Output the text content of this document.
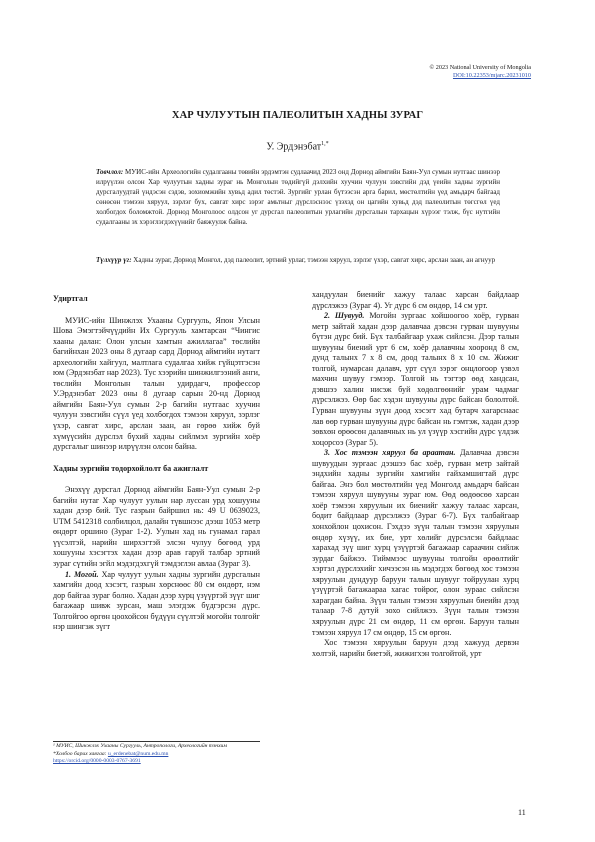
© 2023 National University of Mongolia
DOI:10.22353/mjarc.20231010
ХАР ЧУЛУУТЫН ПАЛЕОЛИТЫН ХАДНЫ ЗУРАГ
У. Эрдэнэбат$^{1,*}$
Товчлол: МУИС-ийн Археологийн судалгааны төвийн эрдэмтэн судлаачид 2023 онд Дорнод аймгийн Баян-Уул сумын нутгаас шинээр илрүүлэн олсон Хар чулуутын хадны зураг нь Монголын төдийгүй дэлхийн хуучин чулуун зэвсгийн дэд үеийн хадны зургийн дурсгалуудтай үндэсэн сэдэв, зохиомжийн хувьд адил төстэй. Зургийг урлан бүтээсэн арга барил, мөстөлтийн үед амьдарч байгаад сөнөсөн тэмээн хяруул, зэрлэг бух, савгат хирс зэрэг амьтныг дүрслэснээс үзэхэд он цагийн хувьд дэд палеолитын төгсгөл үед холбогдох боломжтой. Дорнод Монголоос олдсон уг дурсгал палеолитын урлагийн дурсгалын тархацын хүрээг тэлж, бүс нутгийн судалгааны эх хэрэглэгдэхүүнийг баяжуулж байна.
Түлхүүр үг: Хадны зураг, Дорнод Монгол, дэд палеолит, эртний урлаг, тэмээн хяруул, зэрлэг үхэр, савгат хирс, арслан заан, ан агнуур
Удиртгал

МУИС-ийн Шинжлэх Ухааны Сургууль, Япон Улсын Шова Эмэгтэйчүүдийн Их Сургууль хамтарсан “Чингис хааны далан: Олон улсын хамтын ажиллагаа” төслийн багийнхан 2023 оны 8 дугаар сард Дорнод аймгийн нутагт археологийн хайгуул, малтлага судалгаа хийж гүйцэтгэсэн юм (Эрдэнэбат нар 2023). Тус хээрийн шинжилгээний анги, төслийн Монголын талын удирдагч, профессор У.Эрдэнэбат 2023 оны 8 дугаар сарын 20-нд Дорнод аймгийн Баян-Уул сумын 2-р багийн нутгаас хуучин чулуун зэвсгийн сүүл үед холбогдох тэмээн хяруул, зэрлэг үхэр, савгат хирс, арслан заан, ан гөрөө хийж буй хүмүүсийн дүрслэл бүхий хадны сийлмэл зургийн хоёр дурсгалыг шинээр илрүүлэн олсон байна.

Хадны зургийн тодорхойлолт ба ажиглалт

Энэхүү дурсгал Дорнод аймгийн Баян-Уул сумын 2-р багийн нутаг Хар чулуут уулын нар луссан урд хошууны хадан дээр бий. Тус газрын байршил нь: 49 U 0639023, UTM 5412318 солбилцол, далайн түвшнээс дээш 1053 метр өндөрт оршино (Зураг 1-2). Уулын хад нь гунамал гарал үүсэлтэй, нарийн ширхэгтэй элсэн чулуу бөгөөд урд хошууны хэсэгтэх хадан дээр арав гаруй талбар эртний зураг сүтийн эгйл мэдэгдэхгүй тэмдэглэн авлаа (Зураг 3).

1. Могой. Хар чулуут уулын хадны зургийн дурсгалын хамгийн доод хэсэгт, газрын хөрснөөс 80 см өндөрт, нэм дор байгаа зураг болно. Хадан дээр хурц үзүүртэй зүүг шиг багажаар шивж зурсан, маш элэгдэж бүдгэрсэн дүрс. Толгойгоо өргөн цоохойсон бүдүүн сүүлтэй могойн толгойг нэр шингэж зүгт

¹ МУИС, Шинжлэх Ухааны Сургууль, Антропологи, Археологийн тэнхим
*Холбоо барих хаягаа: u_erdenebat@num.edu.mn
https://orcid.org/0000-0003-0767-3691

хандуулан биенийг хажуу талаас харсан байдлаар дүрслэжээ (Зураг 4). Уг дүрс 6 см өндөр, 14 см урт.

2. Шувууд. Могойн зургаас хойшоогоо хоёр, гурван метр зайтай хадан дээр далавчаа дэвсэн гурван шувууны бүтэн дүрс бий. Бүх талбайгаар ухаж сийлсэн. Дээр талын шувууны биений урт 6 см, хоёр далавчны хооронд 8 см, дунд талынх 7 х 8 см, доод талынх 8 х 10 см. Жижиг толгой, нумарсан далавч, урт сүүл зэрэг онцлогоор үзвэл махчин шувуу гэмээр. Толгой нь тэгтэр өөд хандсан, дэвшээ халин нисэж буй хөдөлгөөнийг урам чадмаг дүрсэлжээ. Өөр бас хэдэн шувууны дүрс байсан бололтой. Гурван шувууны зүүн доод хэсэгт хад бутарч хагарснаас лав өөр гурван шувууны дүрс байсан нь гэмтэж, хадан дээр зөвхөн өрөөсөн далавчных нь ул үзүүр хэсгийн дүрс үлдэж хоцорсоэ (Зураг 5).

3. Хос тэмээн хяруул ба араатан. Далавчаа дэвсэн шувуудын зургаас дээшээ бас хоёр, гурван метр зайтай эндхийн хадны зургийн хамгийн гайхамшигтай дүрс байгаа. Энэ бол мөстөлтийн үед Монголд амьдарч байсан тэмээн хяруул шувууны зураг юм. Өөд өөдөөсөө харсан хоёр тэмээн хяруулын их биенийг хажуу талаас харсан, бодит байдлаар дүрсэлжээ (Зураг 6-7). Бүх талбайгаар хонхойлон цохисон. Гэхдээ зүүн талын тэмээн хяруулын өндөр хүзүү, их бие, урт хөлийг дүрсэлсэн байдлаас харахад зүү шиг хурц үзүүртэй багажаар сараачин сийлж зурдаг байжээ. Тийммээс шувууны толгойн өрөөлтийг хэртэл дүрслэхийг хичээсэн нь мэдэгдэх бөгөөд хос тэмээн хяруулын дундуур баруун талын шувууг тойруулан хурц үзүүртэй багажаараа хагас тойрог, олон зураас сийлсэн харагдан байна. Зүүн талын тэмээн хяруулын биеийн дээд талаар 7-8 дутуй зохо сийлжээ. Зүүн талын тэмээн хяруулын дүрс 21 см өндөр, 11 см өргөн. Баруун талын тэмээн хяруул 17 см өндөр, 15 см өргөн.

Хос тэмээн хяруулын баруун дээд хажууд дервэн хөлтэй, нарийн биетэй, жижигхэн толгойтой, урт

11
